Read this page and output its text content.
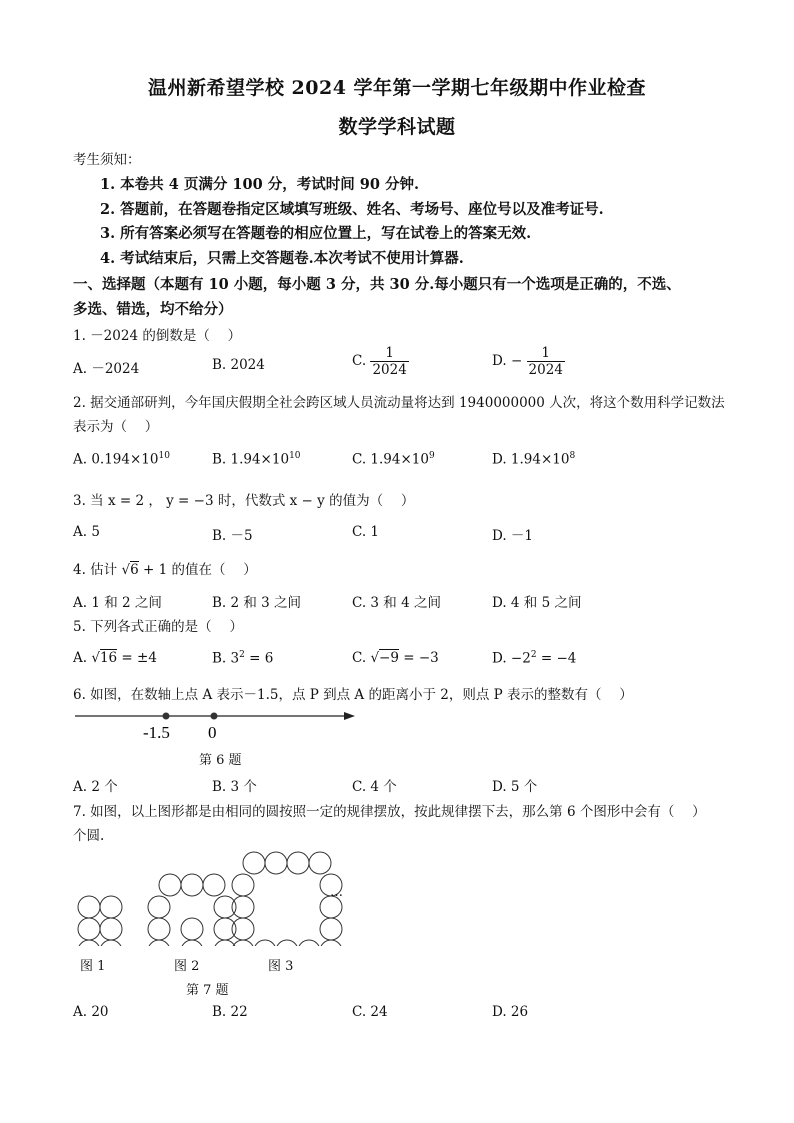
温州新希望学校 2024 学年第一学期七年级期中作业检查
数学学科试题
考生须知：
1. 本卷共 4 页满分 100 分，考试时间 90 分钟.
2. 答题前，在答题卷指定区域填写班级、姓名、考场号、座位号以及准考证号.
3. 所有答案必须写在答题卷的相应位置上，写在试卷上的答案无效.
4. 考试结束后，只需上交答题卷.本次考试不使用计算器.
一、选择题（本题有 10 小题，每小题 3 分，共 30 分.每小题只有一个选项是正确的，不选、
多选、错选，均不给分）
1. －2024 的倒数是（　 ）
A. －2024	B. 2024	C. $\frac{1}{2024}$	D. − $\frac{1}{2024}$
2. 据交通部研判，今年国庆假期全社会跨区域人员流动量将达到 1940000000 人次，将这个数用科学记数法
表示为（　 ）
A. $0.194\times 10^{10}$	B. $1.94\times 10^{10}$	C. $1.94\times 10^9$	D. $1.94\times 10^8$
3. 当 x = 2 ， y = −3 时，代数式 x − y 的值为（　 ）
A. 5	B. －5	C. 1	D. －1
4. 估计 √6 + 1 的值在（　 ）
A. 1 和 2 之间	B. 2 和 3 之间	C. 3 和 4 之间	D. 4 和 5 之间
5. 下列各式正确的是（　 ）
A. √16 = ±4	B. $3^2 = 6$	C. √−9 = −3	D. $-2^2 = -4$
6. 如图，在数轴上点 A 表示－1.5，点 P 到点 A 的距离小于 2，则点 P 表示的整数有（　 ）
-1.5 0
第 6 题
A. 2 个	B. 3 个	C. 4 个	D. 5 个
7. 如图，以上图形都是由相同的圆按照一定的规律摆放，按此规律摆下去，那么第 6 个图形中会有（　 ）
个圆.
…
图 1	图 2	图 3
第 7 题
A. 20	B. 22	C. 24	D. 26
